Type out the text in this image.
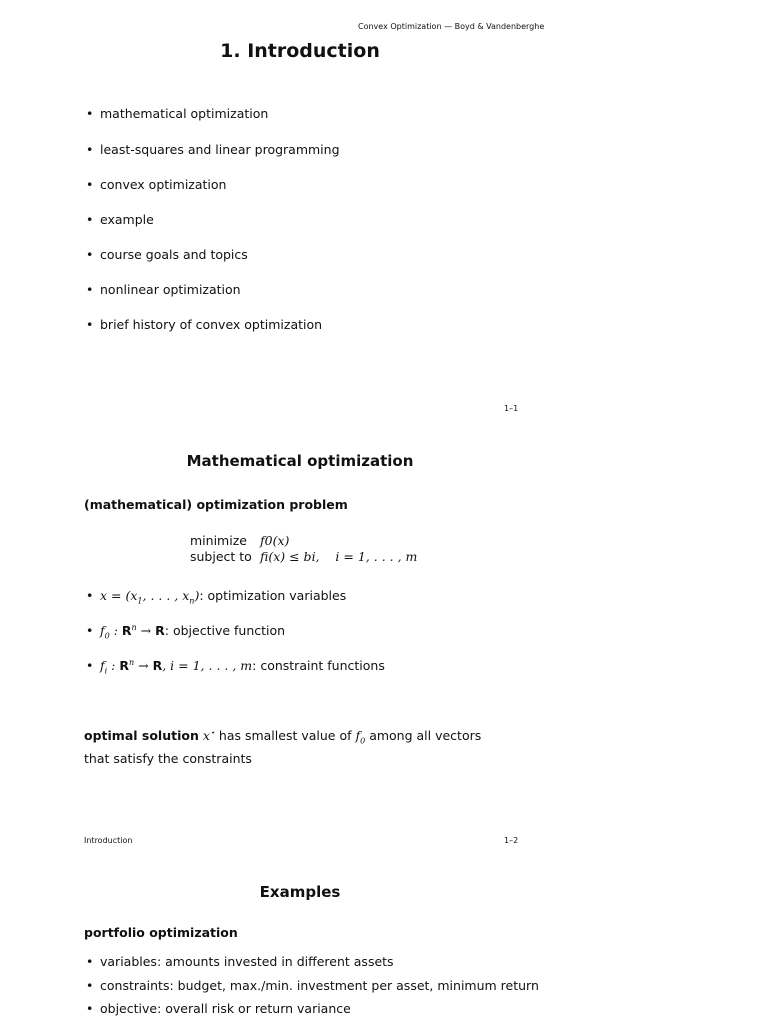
Convex Optimization — Boyd & Vandenberghe
1. Introduction
• mathematical optimization
• least-squares and linear programming
• convex optimization
• example
• course goals and topics
• nonlinear optimization
• brief history of convex optimization
1–1
Mathematical optimization
(mathematical) optimization problem
minimize f0(x)
subject to fi(x) ≤ bi,    i = 1, . . . , m
• $x = (x_1$, . . . , $x_n$): optimization variables
• $f_0$ : $R^n \to R$: objective function
• $f_i$ : $R^n \to R$, i = 1, . . . , m: constraint functions
optimal solution x⋆ has smallest value of $f_0$ among all vectors that satisfy the constraints
Introduction	1–2
Examples
portfolio optimization
• variables: amounts invested in different assets
• constraints: budget, max./min. investment per asset, minimum return
• objective: overall risk or return variance
